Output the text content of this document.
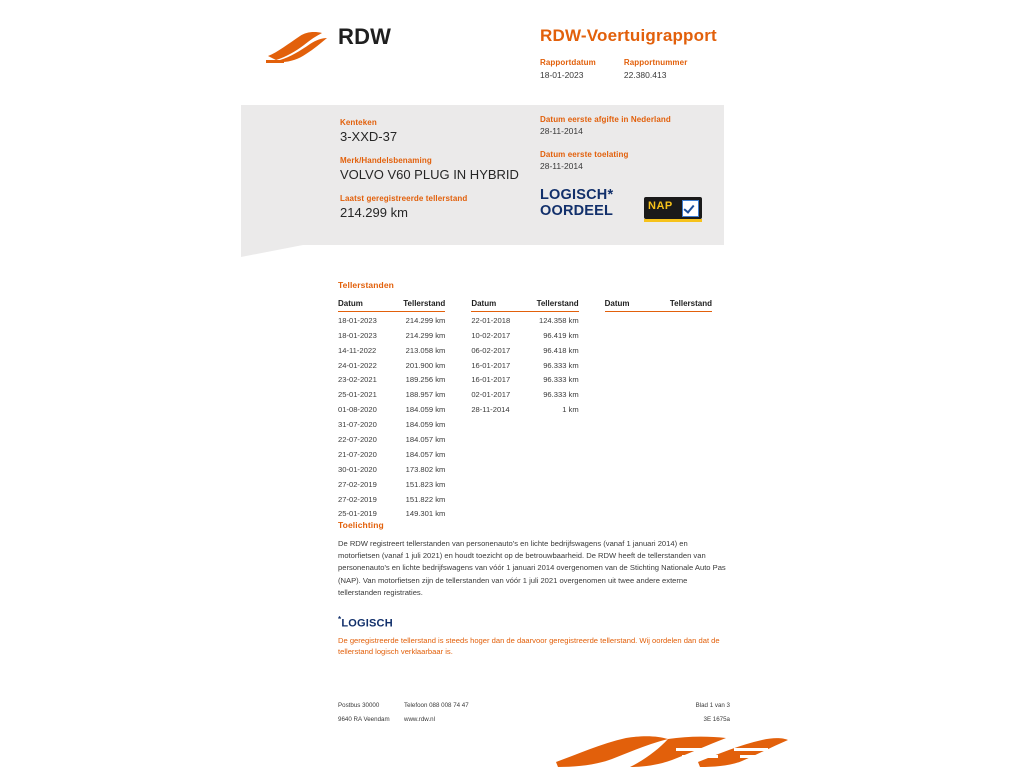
RDW	RDW-Voertuigrapport
Rapportdatum
18-01-2023
Rapportnummer
22.380.413
Kenteken
3-XXD-37
Merk/Handelsbenaming
VOLVO V60 PLUG IN HYBRID
Laatst geregistreerde tellerstand
214.299 km
Datum eerste afgifte in Nederland
28-11-2014
Datum eerste toelating
28-11-2014
LOGISCH*
OORDEEL	NAP
Tellerstanden
Datum	Tellerstand
18-01-2023	214.299 km
18-01-2023	214.299 km
14-11-2022	213.058 km
24-01-2022	201.900 km
23-02-2021	189.256 km
25-01-2021	188.957 km
01-08-2020	184.059 km
31-07-2020	184.059 km
22-07-2020	184.057 km
21-07-2020	184.057 km
30-01-2020	173.802 km
27-02-2019	151.823 km
27-02-2019	151.822 km
25-01-2019	149.301 km
Datum	Tellerstand
22-01-2018	124.358 km
10-02-2017	96.419 km
06-02-2017	96.418 km
16-01-2017	96.333 km
16-01-2017	96.333 km
02-01-2017	96.333 km
28-11-2014	1 km
Datum	Tellerstand
Toelichting
De RDW registreert tellerstanden van personenauto's en lichte bedrijfswagens (vanaf 1 januari 2014) en motorfietsen (vanaf 1 juli 2021) en houdt toezicht op de betrouwbaarheid. De RDW heeft de tellerstanden van personenauto's en lichte bedrijfswagens van vóór 1 januari 2014 overgenomen van de Stichting Nationale Auto Pas (NAP). Van motorfietsen zijn de tellerstanden van vóór 1 juli 2021 overgenomen uit twee andere externe tellerstanden registraties.
*LOGISCH
De geregistreerde tellerstand is steeds hoger dan de daarvoor geregistreerde tellerstand. Wij oordelen dan dat de tellerstand logisch verklaarbaar is.
Postbus 30000	Telefoon 088 008 74 47	Blad 1 van 3
9640 RA Veendam	www.rdw.nl	3E 1675a
